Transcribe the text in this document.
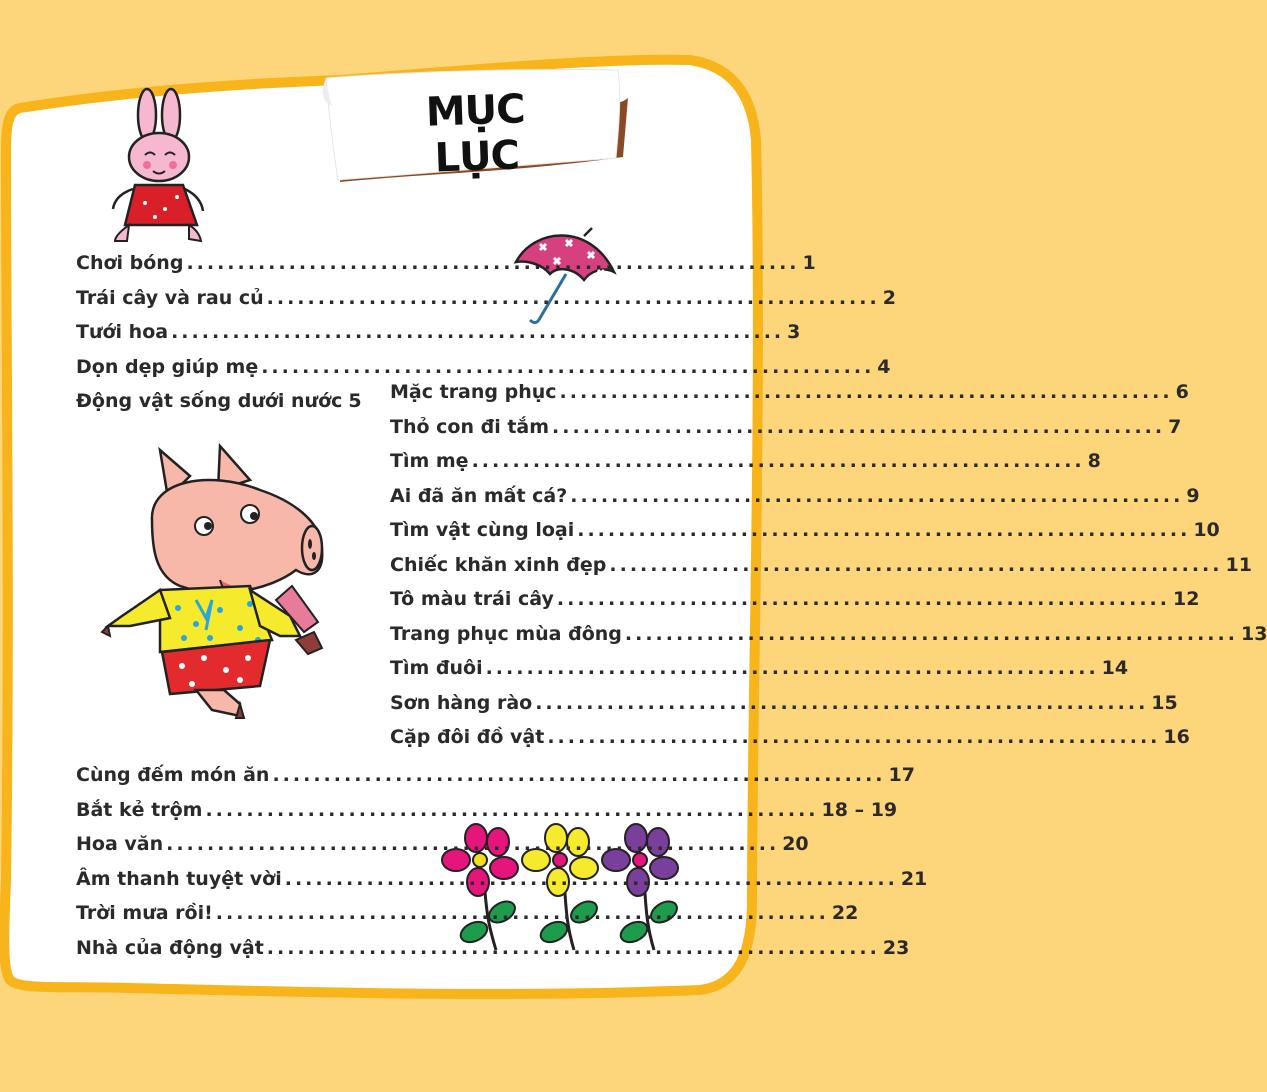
MỤC LỤC
Chơi bóng ............................................................ 1
Trái cây và rau củ ............................................................ 2
Tưới hoa ............................................................ 3
Dọn dẹp giúp mẹ ............................................................ 4
Động vật sống dưới nước 5 Mặc trang phục ............................................................ 6
Thỏ con đi tắm ............................................................ 7
Tìm mẹ ............................................................ 8
Ai đã ăn mất cá? ............................................................ 9
Tìm vật cùng loại ............................................................ 10
Chiếc khăn xinh đẹp ............................................................ 11
Tô màu trái cây ............................................................ 12
Trang phục mùa đông ............................................................ 13
Tìm đuôi ............................................................ 14
Sơn hàng rào ............................................................ 15
Cặp đôi đồ vật ............................................................ 16
Cùng đếm món ăn ............................................................ 17
Bắt kẻ trộm ............................................................ 18 – 19
Hoa văn ............................................................ 20
Âm thanh tuyệt vời ............................................................ 21
Trời mưa rồi! ............................................................ 22
Nhà của động vật ............................................................ 23
